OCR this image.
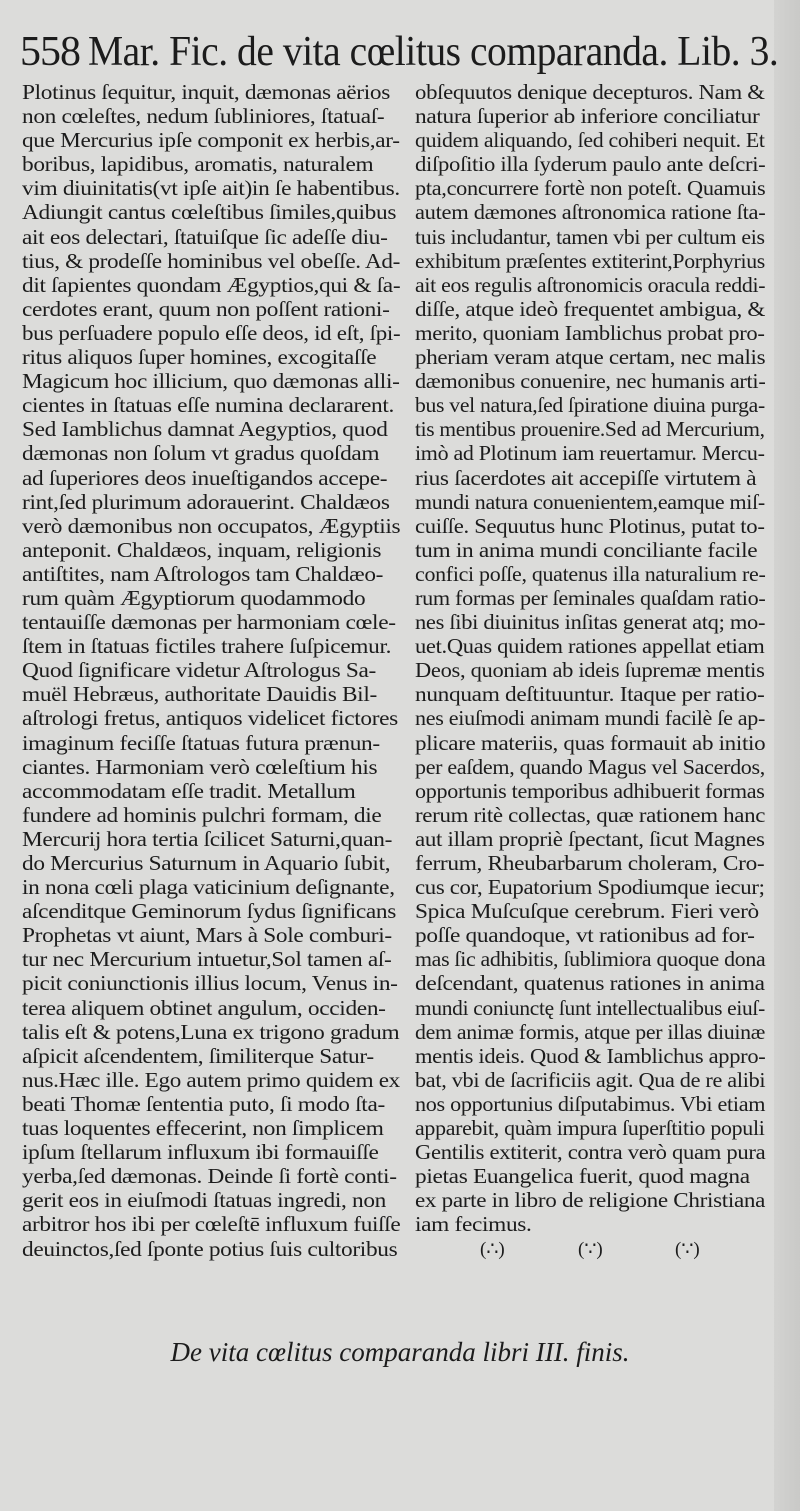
558 Mar. Fic. de vita cœlitus comparanda. Lib. 3.
Plotinus ſequitur, inquit, dæmonas aërios
non cœleſtes, nedum ſubliniores, ſtatuaſ-
que Mercurius ipſe componit ex herbis,ar-
boribus, lapidibus, aromatis, naturalem
vim diuinitatis(vt ipſe ait)in ſe habentibus.
Adiungit cantus cœleſtibus ſimiles,quibus
ait eos delectari, ſtatuiſque ſic adeſſe diu-
tius, & prodeſſe hominibus vel obeſſe. Ad-
dit ſapientes quondam Ægyptios,qui & ſa-
cerdotes erant, quum non poſſent rationi-
bus perſuadere populo eſſe deos, id eſt, ſpi-
ritus aliquos ſuper homines, excogitaſſe
Magicum hoc illicium, quo dæmonas alli-
cientes in ſtatuas eſſe numina declararent.
Sed Iamblichus damnat Aegyptios, quod
dæmonas non ſolum vt gradus quoſdam
ad ſuperiores deos inueſtigandos accepe-
rint,ſed plurimum adorauerint. Chaldæos
verò dæmonibus non occupatos, Ægyptiis
anteponit. Chaldæos, inquam, religionis
antiſtites, nam Aſtrologos tam Chaldæo-
rum quàm Ægyptiorum quodammodo
tentauiſſe dæmonas per harmoniam cœle-
ſtem in ſtatuas fictiles trahere ſuſpicemur.
Quod ſignificare videtur Aſtrologus Sa-
muël Hebræus, authoritate Dauidis Bil-
aſtrologi fretus, antiquos videlicet fictores
imaginum feciſſe ſtatuas futura prænun-
ciantes. Harmoniam verò cœleſtium his
accommodatam eſſe tradit. Metallum
fundere ad hominis pulchri formam, die
Mercurij hora tertia ſcilicet Saturni,quan-
do Mercurius Saturnum in Aquario ſubit,
in nona cœli plaga vaticinium deſignante,
aſcenditque Geminorum ſydus ſignificans
Prophetas vt aiunt, Mars à Sole comburi-
tur nec Mercurium intuetur,Sol tamen aſ-
picit coniunctionis illius locum, Venus in-
terea aliquem obtinet angulum, occiden-
talis eſt & potens,Luna ex trigono gradum
aſpicit aſcendentem, ſimiliterque Satur-
nus.Hæc ille. Ego autem primo quidem ex
beati Thomæ ſententia puto, ſi modo ſta-
tuas loquentes effecerint, non ſimplicem
ipſum ſtellarum influxum ibi formauiſſe
yerba,ſed dæmonas. Deinde ſi fortè conti-
gerit eos in eiuſmodi ſtatuas ingredi, non
arbitror hos ibi per cœleſtē influxum fuiſſe
deuinctos,ſed ſponte potius ſuis cultoribus
obſequutos denique decepturos. Nam &
natura ſuperior ab inferiore conciliatur
quidem aliquando, ſed cohiberi nequit. Et
diſpoſitio illa ſyderum paulo ante deſcri-
pta,concurrere fortè non poteſt. Quamuis
autem dæmones aſtronomica ratione ſta-
tuis includantur, tamen vbi per cultum eis
exhibitum præſentes extiterint,Porphyrius
ait eos regulis aſtronomicis oracula reddi-
diſſe, atque ideò frequentet ambigua, &
merito, quoniam Iamblichus probat pro-
pheriam veram atque certam, nec malis
dæmonibus conuenire, nec humanis arti-
bus vel natura,ſed ſpiratione diuina purga-
tis mentibus prouenire.Sed ad Mercurium,
imò ad Plotinum iam reuertamur. Mercu-
rius ſacerdotes ait accepiſſe virtutem à
mundi natura conuenientem,eamque miſ-
cuiſſe. Sequutus hunc Plotinus, putat to-
tum in anima mundi conciliante facile
confici poſſe, quatenus illa naturalium re-
rum formas per ſeminales quaſdam ratio-
nes ſibi diuinitus inſitas generat atq; mo-
uet.Quas quidem rationes appellat etiam
Deos, quoniam ab ideis ſupremæ mentis
nunquam deſtituuntur. Itaque per ratio-
nes eiuſmodi animam mundi facilè ſe ap-
plicare materiis, quas formauit ab initio
per eaſdem, quando Magus vel Sacerdos,
opportunis temporibus adhibuerit formas
rerum ritè collectas, quæ rationem hanc
aut illam propriè ſpectant, ſicut Magnes
ferrum, Rheubarbarum choleram, Cro-
cus cor, Eupatorium Spodiumque iecur;
Spica Muſcuſque cerebrum. Fieri verò
poſſe quandoque, vt rationibus ad for-
mas ſic adhibitis, ſublimiora quoque dona
deſcendant, quatenus rationes in anima
mundi coniunctę ſunt intellectualibus eiuſ-
dem animæ formis, atque per illas diuinæ
mentis ideis. Quod & Iamblichus appro-
bat, vbi de ſacrificiis agit. Qua de re alibi
nos opportunius diſputabimus. Vbi etiam
apparebit, quàm impura ſuperſtitio populi
Gentilis extiterit, contra verò quam pura
pietas Euangelica fuerit, quod magna
ex parte in libro de religione Christiana
iam fecimus.
(∴)	(∵)	(∵)
De vita cœlitus comparanda libri III. finis.
